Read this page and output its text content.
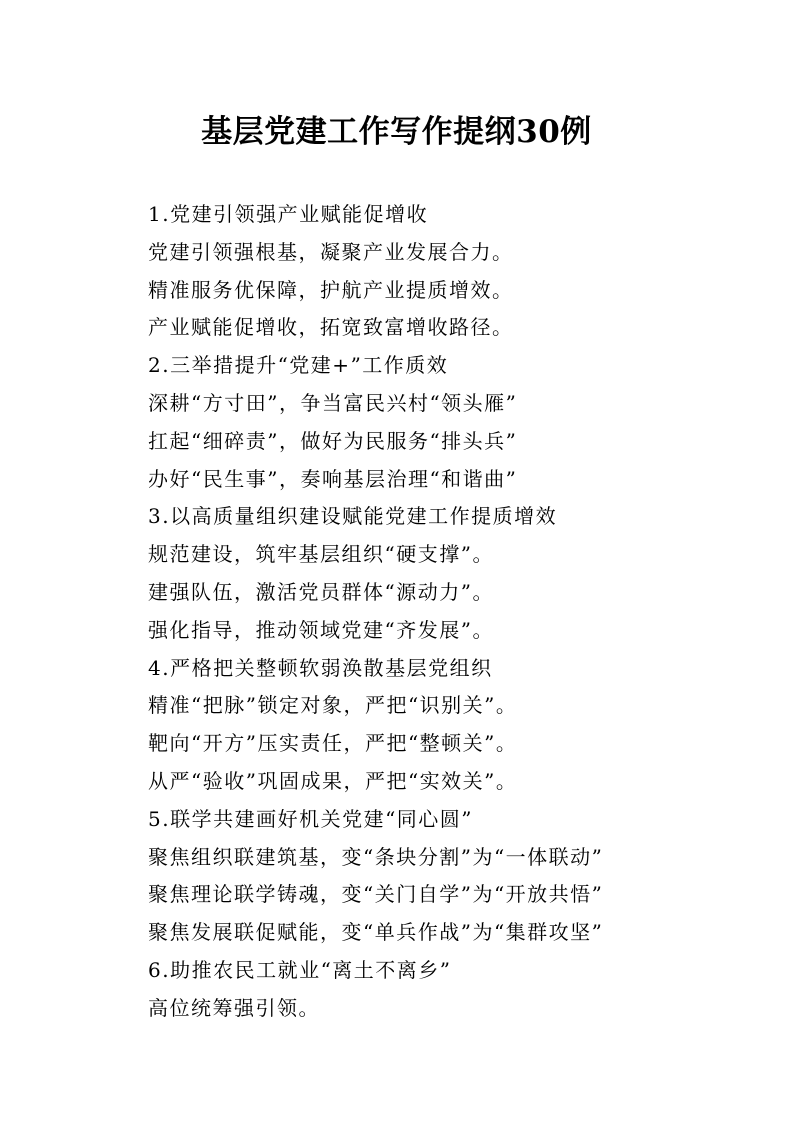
基层党建工作写作提纲30例
1.党建引领强产业赋能促增收
党建引领强根基，凝聚产业发展合力。
精准服务优保障，护航产业提质增效。
产业赋能促增收，拓宽致富增收路径。
2.三举措提升“党建+”工作质效
深耕“方寸田”，争当富民兴村“领头雁”
扛起“细碎责”，做好为民服务“排头兵”
办好“民生事”，奏响基层治理“和谐曲”
3.以高质量组织建设赋能党建工作提质增效
规范建设，筑牢基层组织“硬支撑”。
建强队伍，激活党员群体“源动力”。
强化指导，推动领域党建“齐发展”。
4.严格把关整顿软弱涣散基层党组织
精准“把脉”锁定对象，严把“识别关”。
靶向“开方”压实责任，严把“整顿关”。
从严“验收”巩固成果，严把“实效关”。
5.联学共建画好机关党建“同心圆”
聚焦组织联建筑基，变“条块分割”为“一体联动”
聚焦理论联学铸魂，变“关门自学”为“开放共悟”
聚焦发展联促赋能，变“单兵作战”为“集群攻坚”
6.助推农民工就业“离土不离乡”
高位统筹强引领。
